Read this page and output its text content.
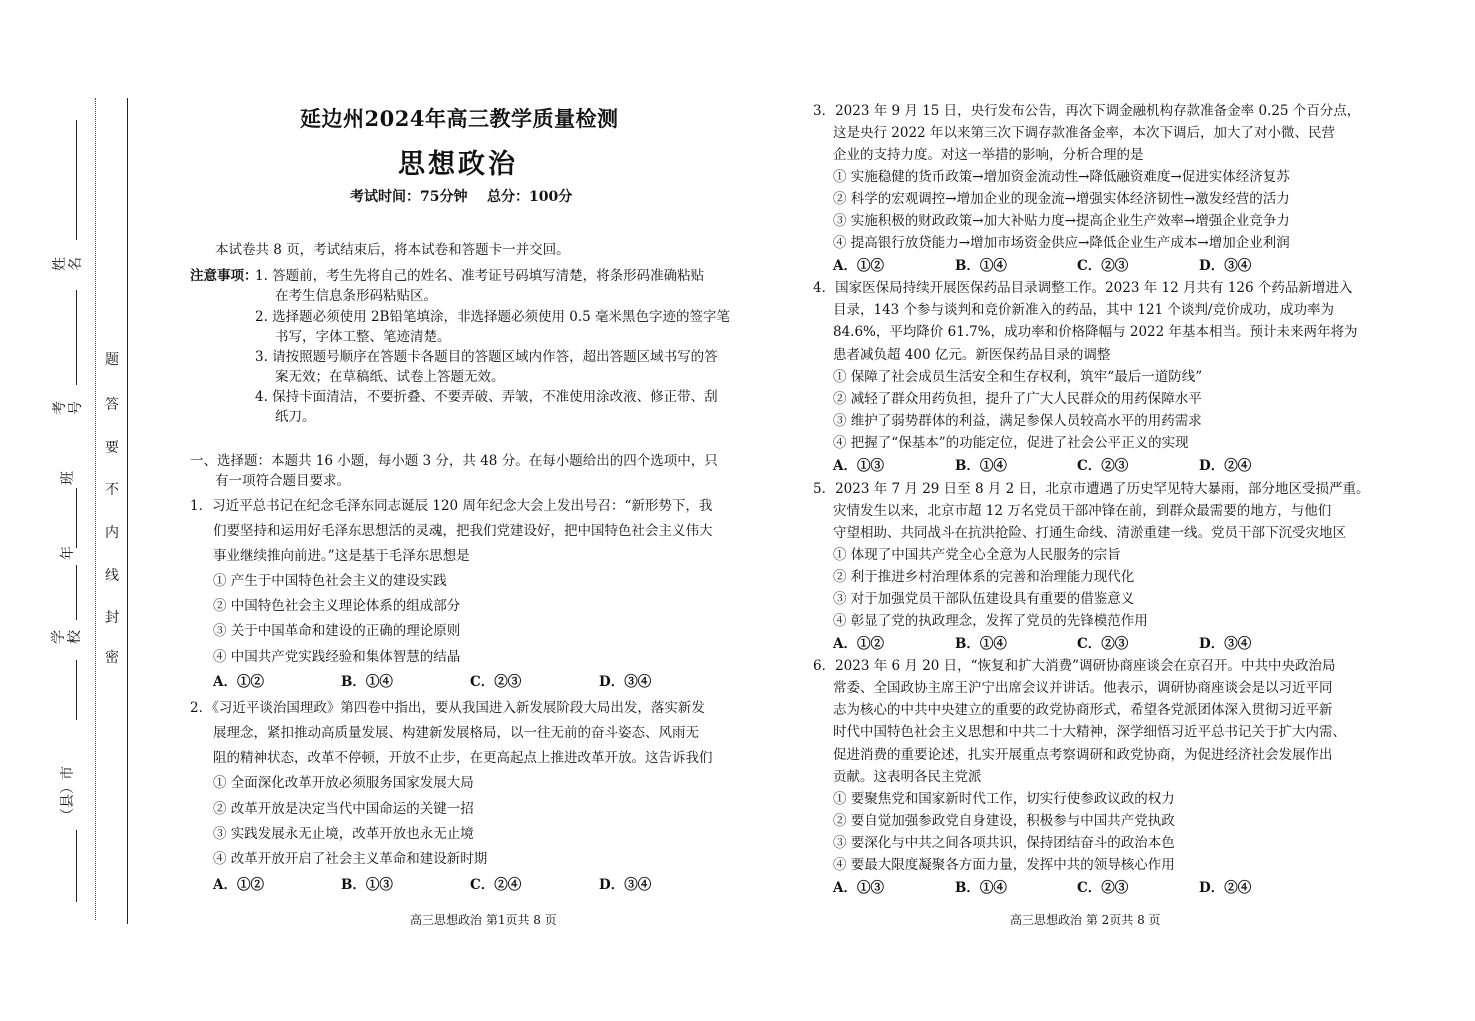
姓名
考号
班
年
学校
（县）市
密
封
线
内
不
要
答
题
延边州2024年高三教学质量检测
思想政治
考试时间：75分钟    总分：100分
本试卷共 8 页，考试结束后，将本试卷和答题卡一并交回。
注意事项：
1. 答题前，考生先将自己的姓名、准考证号码填写清楚，将条形码准确粘贴
在考生信息条形码粘贴区。
2. 选择题必须使用 2B铅笔填涂，非选择题必须使用 0.5 毫米黑色字迹的签字笔
书写，字体工整、笔迹清楚。
3. 请按照题号顺序在答题卡各题目的答题区域内作答，超出答题区域书写的答
案无效；在草稿纸、试卷上答题无效。
4. 保持卡面清洁，不要折叠、不要弄破、弄皱，不准使用涂改液、修正带、刮
纸刀。
一、选择题：本题共 16 小题，每小题 3 分，共 48 分。在每小题给出的四个选项中，只
有一项符合题目要求。
1．习近平总书记在纪念毛泽东同志诞辰 120 周年纪念大会上发出号召：“新形势下，我
们要坚持和运用好毛泽东思想活的灵魂，把我们党建设好，把中国特色社会主义伟大
事业继续推向前进。”这是基于毛泽东思想是
① 产生于中国特色社会主义的建设实践
② 中国特色社会主义理论体系的组成部分
③ 关于中国革命和建设的正确的理论原则
④ 中国共产党实践经验和集体智慧的结晶
A．①②	B．①④	C．②③	D．③④
2．《习近平谈治国理政》第四卷中指出，要从我国进入新发展阶段大局出发，落实新发
展理念，紧扣推动高质量发展、构建新发展格局，以一往无前的奋斗姿态、风雨无
阻的精神状态，改革不停顿，开放不止步，在更高起点上推进改革开放。这告诉我们
① 全面深化改革开放必须服务国家发展大局
② 改革开放是决定当代中国命运的关键一招
③ 实践发展永无止境，改革开放也永无止境
④ 改革开放开启了社会主义革命和建设新时期
A．①②	B．①③	C．②④	D．③④
高三思想政治 第1页共 8 页
3．2023 年 9 月 15 日，央行发布公告，再次下调金融机构存款准备金率 0.25 个百分点，
这是央行 2022 年以来第三次下调存款准备金率，本次下调后，加大了对小微、民营
企业的支持力度。对这一举措的影响，分析合理的是
① 实施稳健的货币政策→增加资金流动性→降低融资难度→促进实体经济复苏
② 科学的宏观调控→增加企业的现金流→增强实体经济韧性→激发经营的活力
③ 实施积极的财政政策→加大补贴力度→提高企业生产效率→增强企业竞争力
④ 提高银行放贷能力→增加市场资金供应→降低企业生产成本→增加企业利润
A．①②	B．①④	C．②③	D．③④
4．国家医保局持续开展医保药品目录调整工作。2023 年 12 月共有 126 个药品新增进入
目录，143 个参与谈判和竞价新准入的药品，其中 121 个谈判/竞价成功，成功率为
84.6%，平均降价 61.7%，成功率和价格降幅与 2022 年基本相当。预计未来两年将为
患者减负超 400 亿元。新医保药品目录的调整
① 保障了社会成员生活安全和生存权利，筑牢“最后一道防线”
② 减轻了群众用药负担，提升了广大人民群众的用药保障水平
③ 维护了弱势群体的利益，满足参保人员较高水平的用药需求
④ 把握了“保基本”的功能定位，促进了社会公平正义的实现
A．①③	B．①④	C．②③	D．②④
5．2023 年 7 月 29 日至 8 月 2 日，北京市遭遇了历史罕见特大暴雨，部分地区受损严重。
灾情发生以来，北京市超 12 万名党员干部冲锋在前，到群众最需要的地方，与他们
守望相助、共同战斗在抗洪抢险、打通生命线、清淤重建一线。党员干部下沉受灾地区
① 体现了中国共产党全心全意为人民服务的宗旨
② 利于推进乡村治理体系的完善和治理能力现代化
③ 对于加强党员干部队伍建设具有重要的借鉴意义
④ 彰显了党的执政理念，发挥了党员的先锋模范作用
A．①②	B．①④	C．②③	D．③④
6．2023 年 6 月 20 日，“恢复和扩大消费”调研协商座谈会在京召开。中共中央政治局
常委、全国政协主席王沪宁出席会议并讲话。他表示，调研协商座谈会是以习近平同
志为核心的中共中央建立的重要的政党协商形式，希望各党派团体深入贯彻习近平新
时代中国特色社会主义思想和中共二十大精神，深学细悟习近平总书记关于扩大内需、
促进消费的重要论述，扎实开展重点考察调研和政党协商，为促进经济社会发展作出
贡献。这表明各民主党派
① 要聚焦党和国家新时代工作，切实行使参政议政的权力
② 要自觉加强参政党自身建设，积极参与中国共产党执政
③ 要深化与中共之间各项共识，保持团结奋斗的政治本色
④ 要最大限度凝聚各方面力量，发挥中共的领导核心作用
A．①③	B．①④	C．②③	D．②④
高三思想政治 第 2页共 8 页
